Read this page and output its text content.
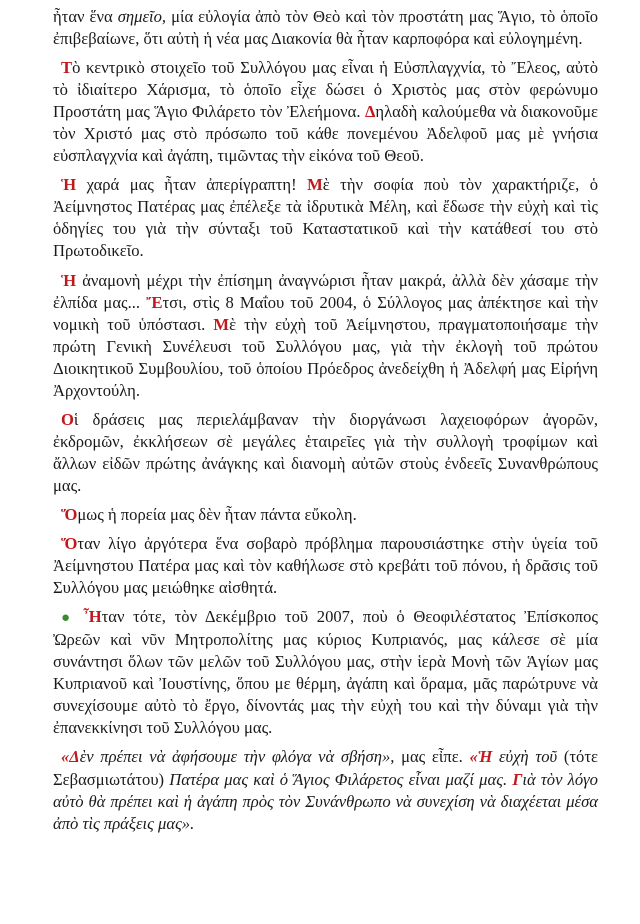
ἦταν ἕνα σημεῖο, μία εὐλογία ἀπὸ τὸν Θεὸ καὶ τὸν προστάτη μας Ἅγιο, τὸ ὁποῖο ἐπιβεβαίωνε, ὅτι αὐτὴ ἡ νέα μας Διακονία θὰ ἦταν καρποφόρα καὶ εὐλογημένη.

Τὸ κεντρικὸ στοιχεῖο τοῦ Συλλόγου μας εἶναι ἡ Εὐσπλαγχνία, τὸ Ἔλεος, αὐτὸ τὸ ἰδιαίτερο Χάρισμα, τὸ ὁποῖο εἶχε δώσει ὁ Χριστὸς μας στὸν φερώνυμο Προστάτη μας Ἅγιο Φιλάρετο τὸν Ἐλεήμονα. Δηλαδὴ καλούμεθα νὰ διακονοῦμε τὸν Χριστό μας στὸ πρόσωπο τοῦ κάθε πονεμένου Ἀδελφοῦ μας μὲ γνήσια εὐσπλαγχνία καὶ ἀγάπη, τιμῶντας τὴν εἰκόνα τοῦ Θεοῦ.

Ἡ χαρά μας ἦταν ἀπερίγραπτη! Μὲ τὴν σοφία ποὺ τὸν χαρακτήριζε, ὁ Ἀείμνηστος Πατέρας μας ἐπέλεξε τὰ ἰδρυτικὰ Μέλη, καὶ ἔδωσε τὴν εὐχὴ καὶ τὶς ὁδηγίες του γιὰ τὴν σύνταξι τοῦ Καταστατικοῦ καὶ τὴν κατάθεσί του στὸ Πρωτοδικεῖο.

Ἡ ἀναμονὴ μέχρι τὴν ἐπίσημη ἀναγνώρισι ἦταν μακρά, ἀλλὰ δὲν χάσαμε τὴν ἐλπίδα μας... Ἔτσι, στὶς 8 Μαΐου τοῦ 2004, ὁ Σύλλογος μας ἀπέκτησε καὶ τὴν νομικὴ τοῦ ὑπόστασι. Μὲ τὴν εὐχὴ τοῦ Ἀείμνηστου, πραγματοποιήσαμε τὴν πρώτη Γενικὴ Συνέλευσι τοῦ Συλλόγου μας, γιὰ τὴν ἐκλογὴ τοῦ πρώτου Διοικητικοῦ Συμβουλίου, τοῦ ὁποίου Πρόεδρος ἀνεδείχθη ἡ Ἀδελφή μας Εἰρήνη Ἀρχοντούλη.

Οἱ δράσεις μας περιελάμβαναν τὴν διοργάνωσι λαχειοφόρων ἀγορῶν, ἐκδρομῶν, ἐκκλήσεων σὲ μεγάλες ἑταιρεῖες γιὰ τὴν συλλογὴ τροφίμων καὶ ἄλλων εἰδῶν πρώτης ἀνάγκης καὶ διανομὴ αὐτῶν στοὺς ἐνδεεῖς Συνανθρώπους μας.

Ὅμως ἡ πορεία μας δὲν ἦταν πάντα εὔκολη.

Ὅταν λίγο ἀργότερα ἕνα σοβαρὸ πρόβλημα παρουσιάστηκε στὴν ὑγεία τοῦ Ἀείμνηστου Πατέρα μας καὶ τὸν καθήλωσε στὸ κρεβάτι τοῦ πόνου, ἡ δρᾶσις τοῦ Συλλόγου μας μειώθηκε αἰσθητά.

● Ἦταν τότε, τὸν Δεκέμβριο τοῦ 2007, ποὺ ὁ Θεοφιλέστατος Ἐπίσκοπος Ὠρεῶν καὶ νῦν Μητροπολίτης μας κύριος Κυπριανός, μας κάλεσε σὲ μία συνάντησι ὅλων τῶν μελῶν τοῦ Συλλόγου μας, στὴν ἱερὰ Μονὴ τῶν Ἁγίων μας Κυπριανοῦ καὶ Ἰουστίνης, ὅπου με θέρμη, ἀγάπη καὶ ὅραμα, μᾶς παρώτρυνε νὰ συνεχίσουμε αὐτὸ τὸ ἔργο, δίνοντάς μας τὴν εὐχὴ του καὶ τὴν δύναμι γιὰ τὴν ἐπανεκκίνησι τοῦ Συλλόγου μας.

«Δὲν πρέπει νὰ ἀφήσουμε τὴν φλόγα νὰ σβήση», μας εἶπε. «Ἡ εὐχὴ τοῦ (τότε Σεβασμιωτάτου) Πατέρα μας καὶ ὁ Ἅγιος Φιλάρετος εἶναι μαζί μας. Γιὰ τὸν λόγο αὐτὸ θὰ πρέπει καὶ ἡ ἀγάπη πρὸς τὸν Συνάνθρωπο νὰ συνεχίση νὰ διαχέεται μέσα ἀπὸ τὶς πράξεις μας».
